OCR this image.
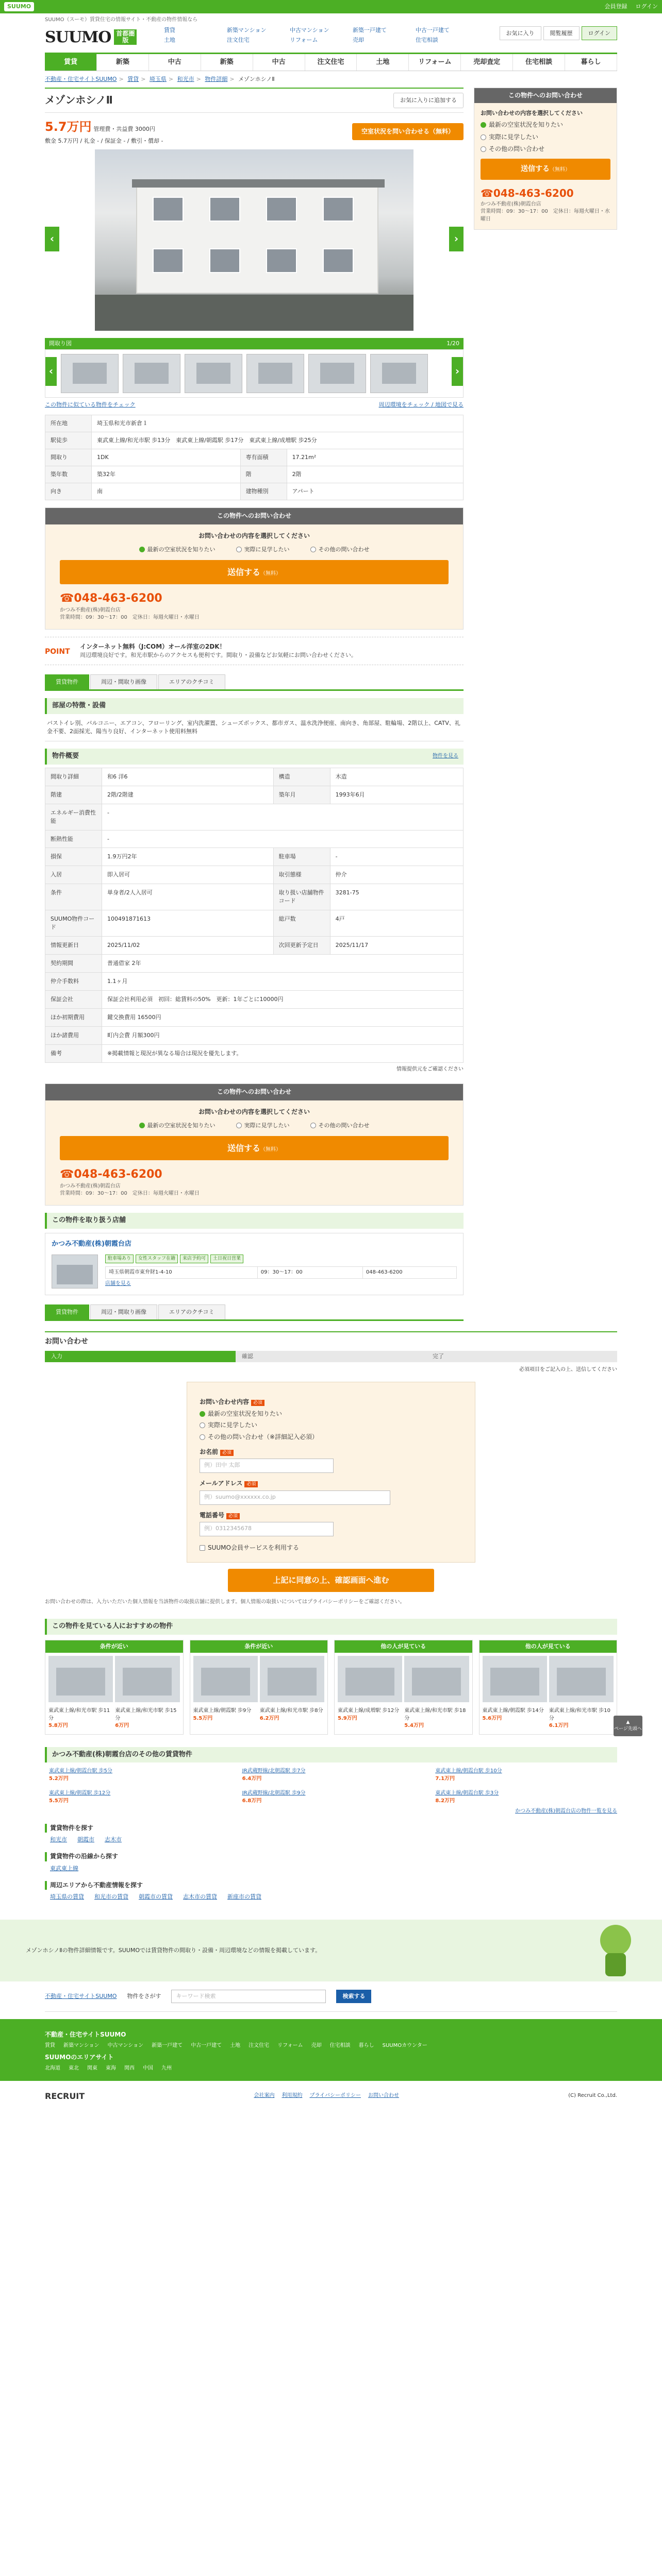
SUUMO	会員登録 ログイン
SUUMO（スーモ）賃貸住宅の情報サイト・不動産の物件情報なら
SUUMO 首都圏版
賃貸	新築マンション	中古マンション	新築一戸建て	中古一戸建て
土地	注文住宅	リフォーム	売却	住宅相談
お気に入り	閲覧履歴	ログイン
賃貸	新築	中古	新築	中古	注文住宅	土地	リフォーム	売却査定	住宅相談	暮らし
不動産・住宅サイトSUUMO > 賃貸 > 埼玉県 > 和光市 > 物件詳細 > メゾンホシノⅡ
メゾンホシノⅡ	お気に入りに追加する
5.7万円 管理費・共益費 3000円
敷金 5.7万円 / 礼金 - / 保証金 - / 敷引・償却 -
空室状況を問い合わせる（無料）
‹	›
間取り図	1/20
‹	›
この物件に似ている物件をチェック	周辺環境をチェック / 地図で見る
所在地	埼玉県和光市新倉１		
駅徒歩	東武東上線/和光市駅 歩13分　東武東上線/朝霞駅 歩17分　東武東上線/成増駅 歩25分		
間取り	1DK	専有面積	17.21m²
築年数	築32年	階	2階
向き	南	建物種別	アパート
この物件へのお問い合わせ
お問い合わせの内容を選択してください
最新の空室状況を知りたい	実際に見学したい	その他の問い合わせ
送信する（無料）
☎048-463-6200
かつみ不動産(株)朝霞台店
営業時間：09：30〜17：00　定休日：毎週火曜日・水曜日
POINT
インターネット無料（J:COM）オール洋室の2DK！

周辺環境良好です。和光市駅からのアクセスも便利です。間取り・設備などお気軽にお問い合わせください。

賃貸物件	周辺・間取り画像	エリアのクチコミ
部屋の特徴・設備
バストイレ別、バルコニー、エアコン、フローリング、室内洗濯置、シューズボックス、都市ガス、温水洗浄便座、南向き、角部屋、駐輪場、2階以上、CATV、礼金不要、2面採光、陽当り良好、インターネット使用料無料
物件概要	物件を見る
間取り詳細	和6 洋6	構造	木造
階建	2階/2階建	築年月	1993年6月
エネルギー消費性能	-		
断熱性能	-		
損保	1.9万円2年	駐車場	-
入居	即入居可	取引態様	仲介
条件	単身者/2人入居可	取り扱い店舗物件コード	3281-75
SUUMO物件コード	100491871613	総戸数	4戸
情報更新日	2025/11/02	次回更新予定日	2025/11/17
契約期間	普通借家 2年		
仲介手数料	1.1ヶ月		
保証会社	保証会社利用必須　初回：総賃料の50%　更新：1年ごとに10000円		
ほか初期費用	鍵交換費用 16500円		
ほか諸費用	町内会費 月額300円		
備考	※掲載情報と現況が異なる場合は現況を優先します。		
情報提供元をご確認ください
この物件へのお問い合わせ
お問い合わせの内容を選択してください
最新の空室状況を知りたい	実際に見学したい	その他の問い合わせ
送信する（無料）
☎048-463-6200
かつみ不動産(株)朝霞台店
営業時間：09：30〜17：00　定休日：毎週火曜日・水曜日
この物件を取り扱う店舗
かつみ不動産(株)朝霞台店
駐車場あり	女性スタッフ在籍	来店予約可	土日祝日営業
埼玉県朝霞市東弁財1-4-10	09：30〜17：00	048-463-6200
店舗を見る
賃貸物件	周辺・間取り画像	エリアのクチコミ
この物件へのお問い合わせ
お問い合わせの内容を選択してください
最新の空室状況を知りたい
実際に見学したい
その他の問い合わせ
送信する（無料）
☎048-463-6200
かつみ不動産(株)朝霞台店
営業時間：09：30〜17：00　定休日：毎週火曜日・水曜日
お問い合わせ
入力	確認	完了
必須項目をご記入の上、送信してください
お問い合わせ内容 必須
最新の空室状況を知りたい
実際に見学したい
その他の問い合わせ（※詳細記入必須）
お名前 必須
例）田中 太郎
メールアドレス 必須
例）suumo@xxxxxx.co.jp
電話番号 必須
例）0312345678
SUUMO会員サービスを利用する
上記に同意の上、確認画面へ進む
お問い合わせの際は、入力いただいた個人情報を当該物件の取扱店舗に提供します。個人情報の取扱いについてはプライバシーポリシーをご確認ください。
この物件を見ている人におすすめの物件
条件が近い
東武東上線/和光市駅 歩11分
5.8万円
東武東上線/和光市駅 歩15分
6万円
条件が近い
東武東上線/朝霞駅 歩9分
5.5万円
東武東上線/和光市駅 歩8分
6.2万円
他の人が見ている
東武東上線/成増駅 歩12分
5.9万円
東武東上線/和光市駅 歩18分
5.4万円
他の人が見ている
東武東上線/朝霞駅 歩14分
5.6万円
東武東上線/和光市駅 歩10分
6.1万円
かつみ不動産(株)朝霞台店のその他の賃貸物件
東武東上線/朝霞台駅 歩5分
5.2万円
JR武蔵野線/北朝霞駅 歩7分
6.4万円
東武東上線/朝霞台駅 歩10分
7.1万円
東武東上線/朝霞駅 歩12分
5.5万円
JR武蔵野線/北朝霞駅 歩9分
6.8万円
東武東上線/朝霞台駅 歩3分
8.2万円
かつみ不動産(株)朝霞台店の物件一覧を見る
賃貸物件を探す
和光市 朝霞市 志木市
賃貸物件の沿線から探す
東武東上線
周辺エリアから不動産情報を探す
埼玉県の賃貸 和光市の賃貸 朝霞市の賃貸 志木市の賃貸 新座市の賃貸

メゾンホシノⅡの物件詳細情報です。SUUMOでは賃貸物件の間取り・設備・周辺環境などの情報を掲載しています。

不動産・住宅サイトSUUMO 物件をさがす	キーワード検索	検索する
不動産・住宅サイトSUUMO
賃貸 新築マンション 中古マンション 新築一戸建て 中古一戸建て 土地 注文住宅 リフォーム 売却 住宅相談 暮らし SUUMOカウンター
SUUMOのエリアサイト
北海道 東北 関東 東海 関西 中国 九州
RECRUIT	会社案内 利用規約 プライバシーポリシー お問い合わせ	(C) Recruit Co.,Ltd.
▲
ページ先頭へ
